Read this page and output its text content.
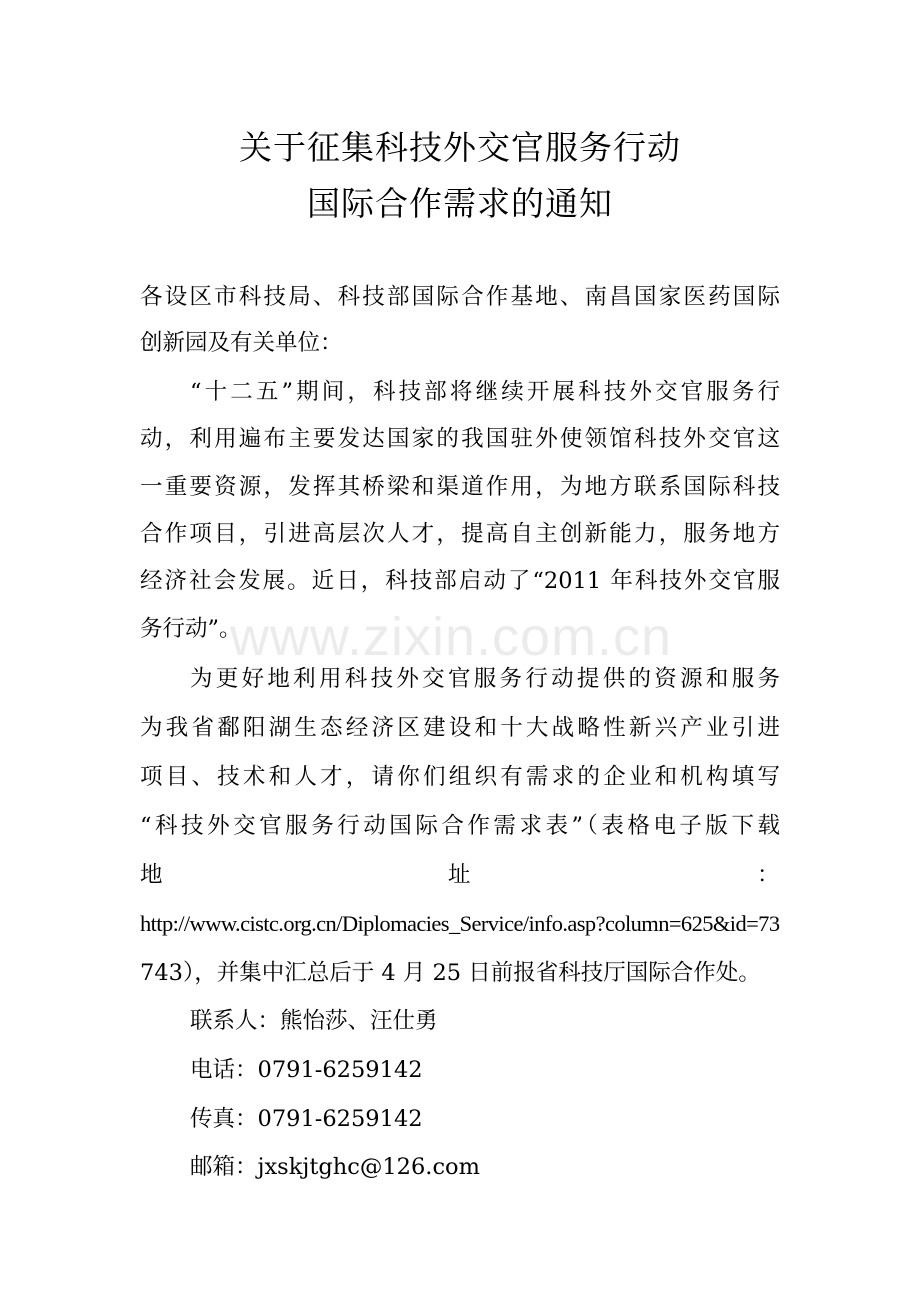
关于征集科技外交官服务行动
国际合作需求的通知
各设区市科技局、科技部国际合作基地、南昌国家医药国际
创新园及有关单位：
“十二五”期间，科技部将继续开展科技外交官服务行
动，利用遍布主要发达国家的我国驻外使领馆科技外交官这
一重要资源，发挥其桥梁和渠道作用，为地方联系国际科技
合作项目，引进高层次人才，提高自主创新能力，服务地方
经济社会发展。近日，科技部启动了“2011 年科技外交官服
务行动”。
为更好地利用科技外交官服务行动提供的资源和服务
为我省鄱阳湖生态经济区建设和十大战略性新兴产业引进
项目、技术和人才，请你们组织有需求的企业和机构填写
“科技外交官服务行动国际合作需求表”（表格电子版下载
地	址	：
http://www.cistc.org.cn/Diplomacies_Service/info.asp?column=625&id=73
743），并集中汇总后于 4 月 25 日前报省科技厅国际合作处。
联系人：熊怡莎、汪仕勇
电话：0791-6259142
传真：0791-6259142
邮箱：jxskjtghc@126.com
www.zixin.com.cn
